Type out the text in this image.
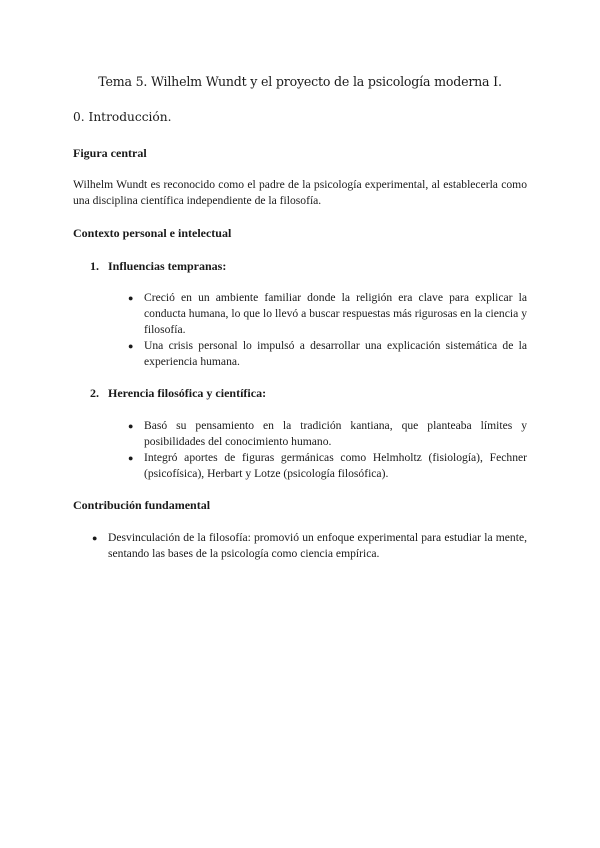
Tema 5. Wilhelm Wundt y el proyecto de la psicología moderna I.
0. Introducción.
Figura central
Wilhelm Wundt es reconocido como el padre de la psicología experimental, al establecerla como una disciplina científica independiente de la filosofía.
Contexto personal e intelectual
1. Influencias tempranas:
● Creció en un ambiente familiar donde la religión era clave para explicar la conducta humana, lo que lo llevó a buscar respuestas más rigurosas en la ciencia y filosofía.
● Una crisis personal lo impulsó a desarrollar una explicación sistemática de la experiencia humana.
2. Herencia filosófica y científica:
● Basó su pensamiento en la tradición kantiana, que planteaba límites y posibilidades del conocimiento humano.
● Integró aportes de figuras germánicas como Helmholtz (fisiología), Fechner (psicofísica), Herbart y Lotze (psicología filosófica).
Contribución fundamental
● Desvinculación de la filosofía: promovió un enfoque experimental para estudiar la mente, sentando las bases de la psicología como ciencia empírica.
